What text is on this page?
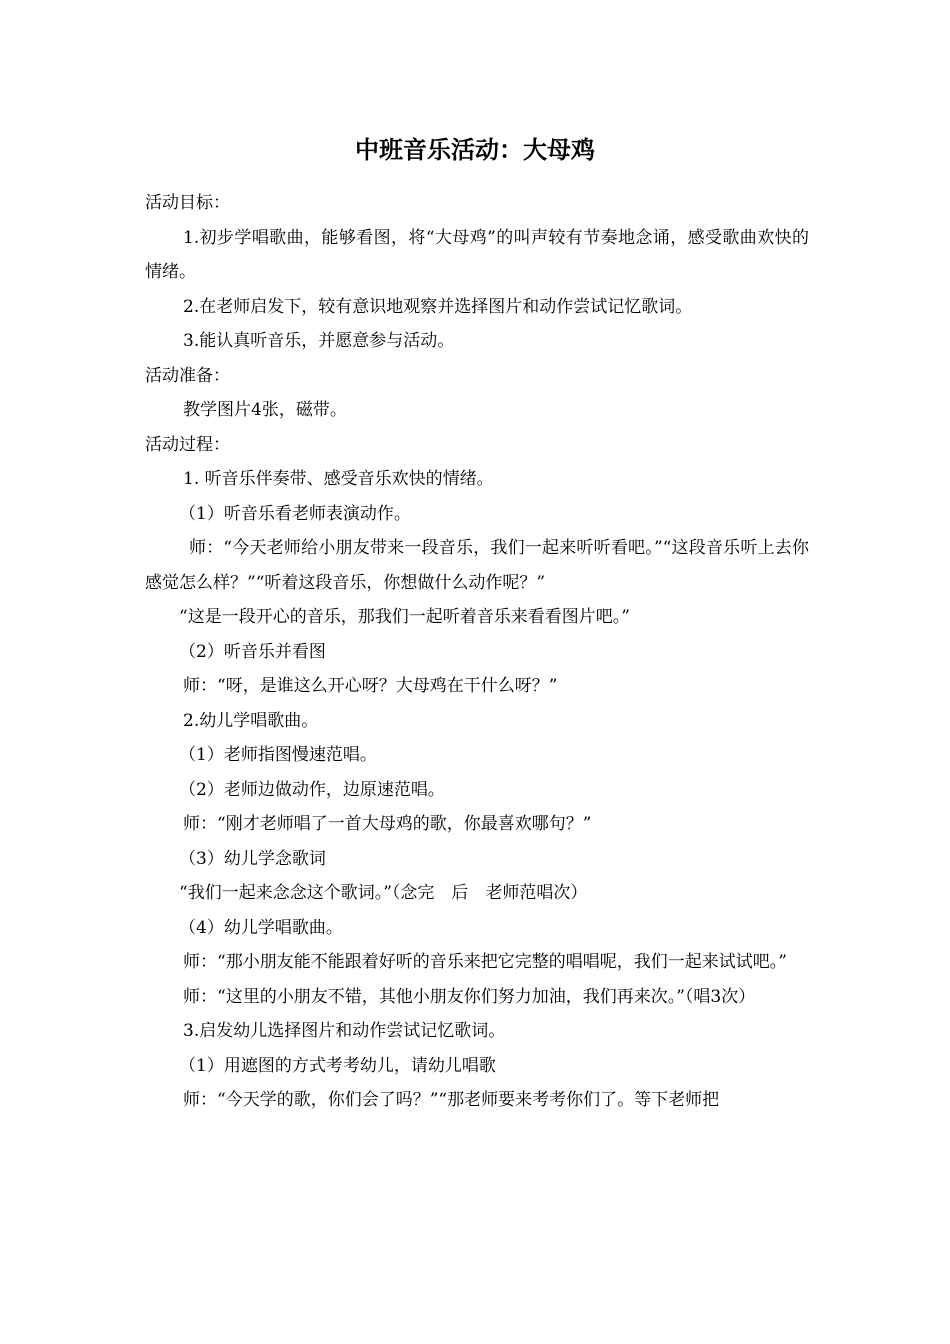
中班音乐活动：大母鸡

活动目标：

1.初步学唱歌曲，能够看图，将“大母鸡”的叫声较有节奏地念诵，感受歌曲欢快的情绪。

2.在老师启发下，较有意识地观察并选择图片和动作尝试记忆歌词。

3.能认真听音乐，并愿意参与活动。

活动准备：

教学图片4张，磁带。

活动过程：

1. 听音乐伴奏带、感受音乐欢快的情绪。

（1）听音乐看老师表演动作。

师：“今天老师给小朋友带来一段音乐，我们一起来听听看吧。”“这段音乐听上去你感觉怎么样？”“听着这段音乐，你想做什么动作呢？”

“这是一段开心的音乐，那我们一起听着音乐来看看图片吧。”

（2）听音乐并看图

师：“呀，是谁这么开心呀？大母鸡在干什么呀？”

2.幼儿学唱歌曲。

（1）老师指图慢速范唱。

（2）老师边做动作，边原速范唱。

师：“刚才老师唱了一首大母鸡的歌，你最喜欢哪句？”

（3）幼儿学念歌词

“我们一起来念念这个歌词。”（念完　后　老师范唱次）

（4）幼儿学唱歌曲。

师：“那小朋友能不能跟着好听的音乐来把它完整的唱唱呢，我们一起来试试吧。”

师：“这里的小朋友不错，其他小朋友你们努力加油，我们再来次。”（唱3次）

3.启发幼儿选择图片和动作尝试记忆歌词。

（1）用遮图的方式考考幼儿，请幼儿唱歌

师：“今天学的歌，你们会了吗？”“那老师要来考考你们了。等下老师把
